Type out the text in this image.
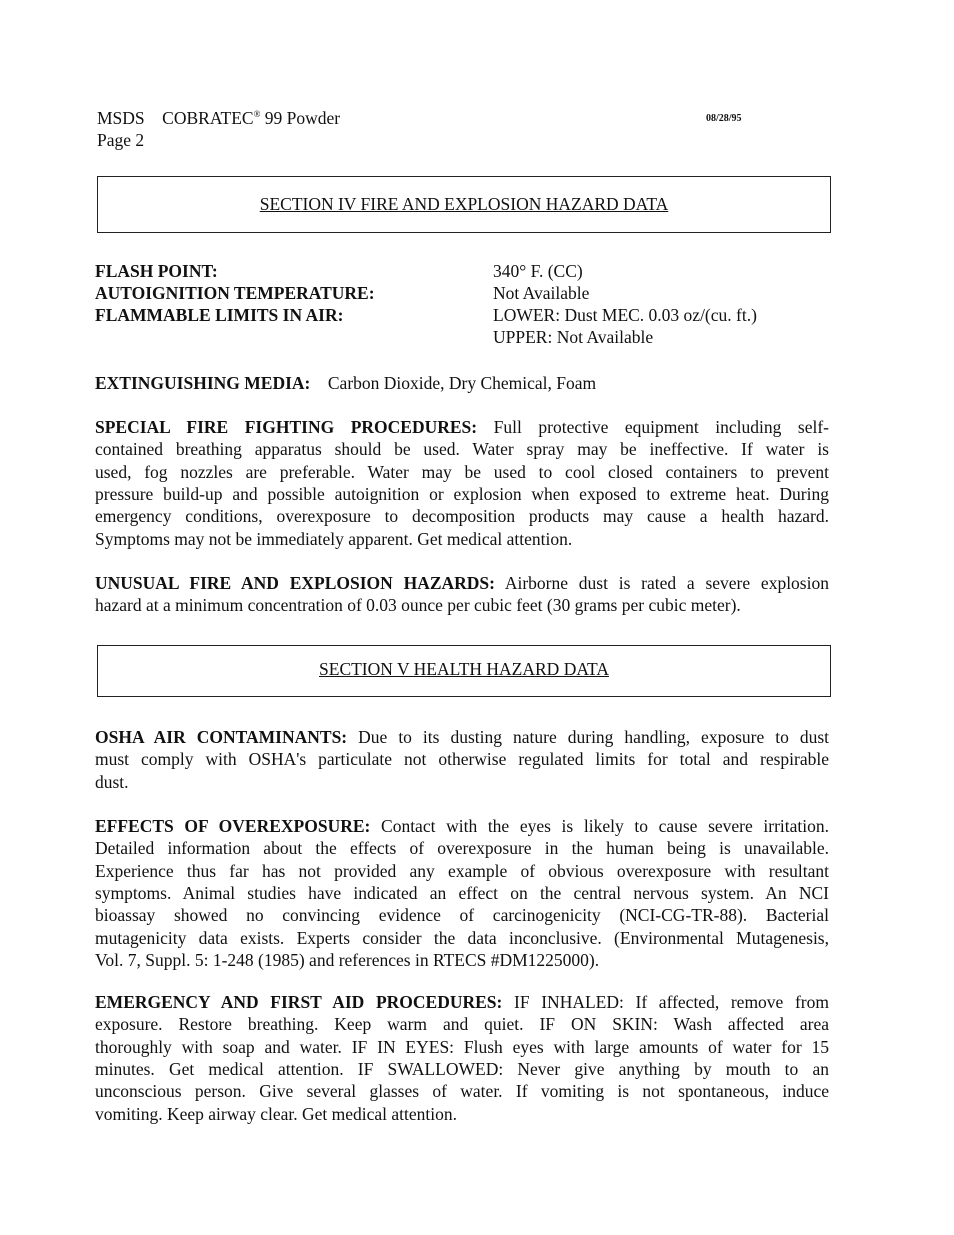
MSDS COBRATEC® 99 Powder
Page 2
08/28/95
SECTION IV FIRE AND EXPLOSION HAZARD DATA
FLASH POINT:	340° F. (CC)
AUTOIGNITION TEMPERATURE:	Not Available
FLAMMABLE LIMITS IN AIR:	LOWER: Dust MEC. 0.03 oz/(cu. ft.)
UPPER: Not Available
EXTINGUISHING MEDIA: Carbon Dioxide, Dry Chemical, Foam
SPECIAL FIRE FIGHTING PROCEDURES: Full protective equipment including self-
contained breathing apparatus should be used. Water spray may be ineffective. If water is
used, fog nozzles are preferable. Water may be used to cool closed containers to prevent
pressure build-up and possible autoignition or explosion when exposed to extreme heat. During
emergency conditions, overexposure to decomposition products may cause a health hazard.
Symptoms may not be immediately apparent. Get medical attention.
UNUSUAL FIRE AND EXPLOSION HAZARDS: Airborne dust is rated a severe explosion
hazard at a minimum concentration of 0.03 ounce per cubic feet (30 grams per cubic meter).
SECTION V HEALTH HAZARD DATA
OSHA AIR CONTAMINANTS: Due to its dusting nature during handling, exposure to dust
must comply with OSHA's particulate not otherwise regulated limits for total and respirable
dust.
EFFECTS OF OVEREXPOSURE: Contact with the eyes is likely to cause severe irritation.
Detailed information about the effects of overexposure in the human being is unavailable.
Experience thus far has not provided any example of obvious overexposure with resultant
symptoms. Animal studies have indicated an effect on the central nervous system. An NCI
bioassay showed no convincing evidence of carcinogenicity (NCI-CG-TR-88). Bacterial
mutagenicity data exists. Experts consider the data inconclusive. (Environmental Mutagenesis,
Vol. 7, Suppl. 5: 1-248 (1985) and references in RTECS #DM1225000).
EMERGENCY AND FIRST AID PROCEDURES: IF INHALED: If affected, remove from
exposure. Restore breathing. Keep warm and quiet. IF ON SKIN: Wash affected area
thoroughly with soap and water. IF IN EYES: Flush eyes with large amounts of water for 15
minutes. Get medical attention. IF SWALLOWED: Never give anything by mouth to an
unconscious person. Give several glasses of water. If vomiting is not spontaneous, induce
vomiting. Keep airway clear. Get medical attention.
